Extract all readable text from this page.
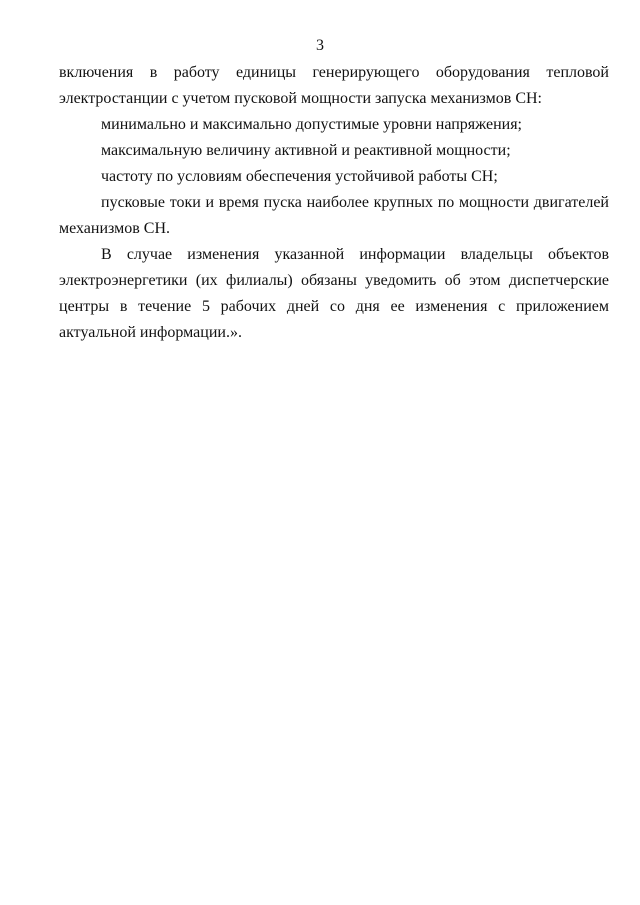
3

включения в работу единицы генерирующего оборудования тепловой электростанции с учетом пусковой мощности запуска механизмов СН:

минимально и максимально допустимые уровни напряжения;

максимальную величину активной и реактивной мощности;

частоту по условиям обеспечения устойчивой работы СН;

пусковые токи и время пуска наиболее крупных по мощности двигателей механизмов СН.

В случае изменения указанной информации владельцы объектов электроэнергетики (их филиалы) обязаны уведомить об этом диспетчерские центры в течение 5 рабочих дней со дня ее изменения с приложением актуальной информации.».
